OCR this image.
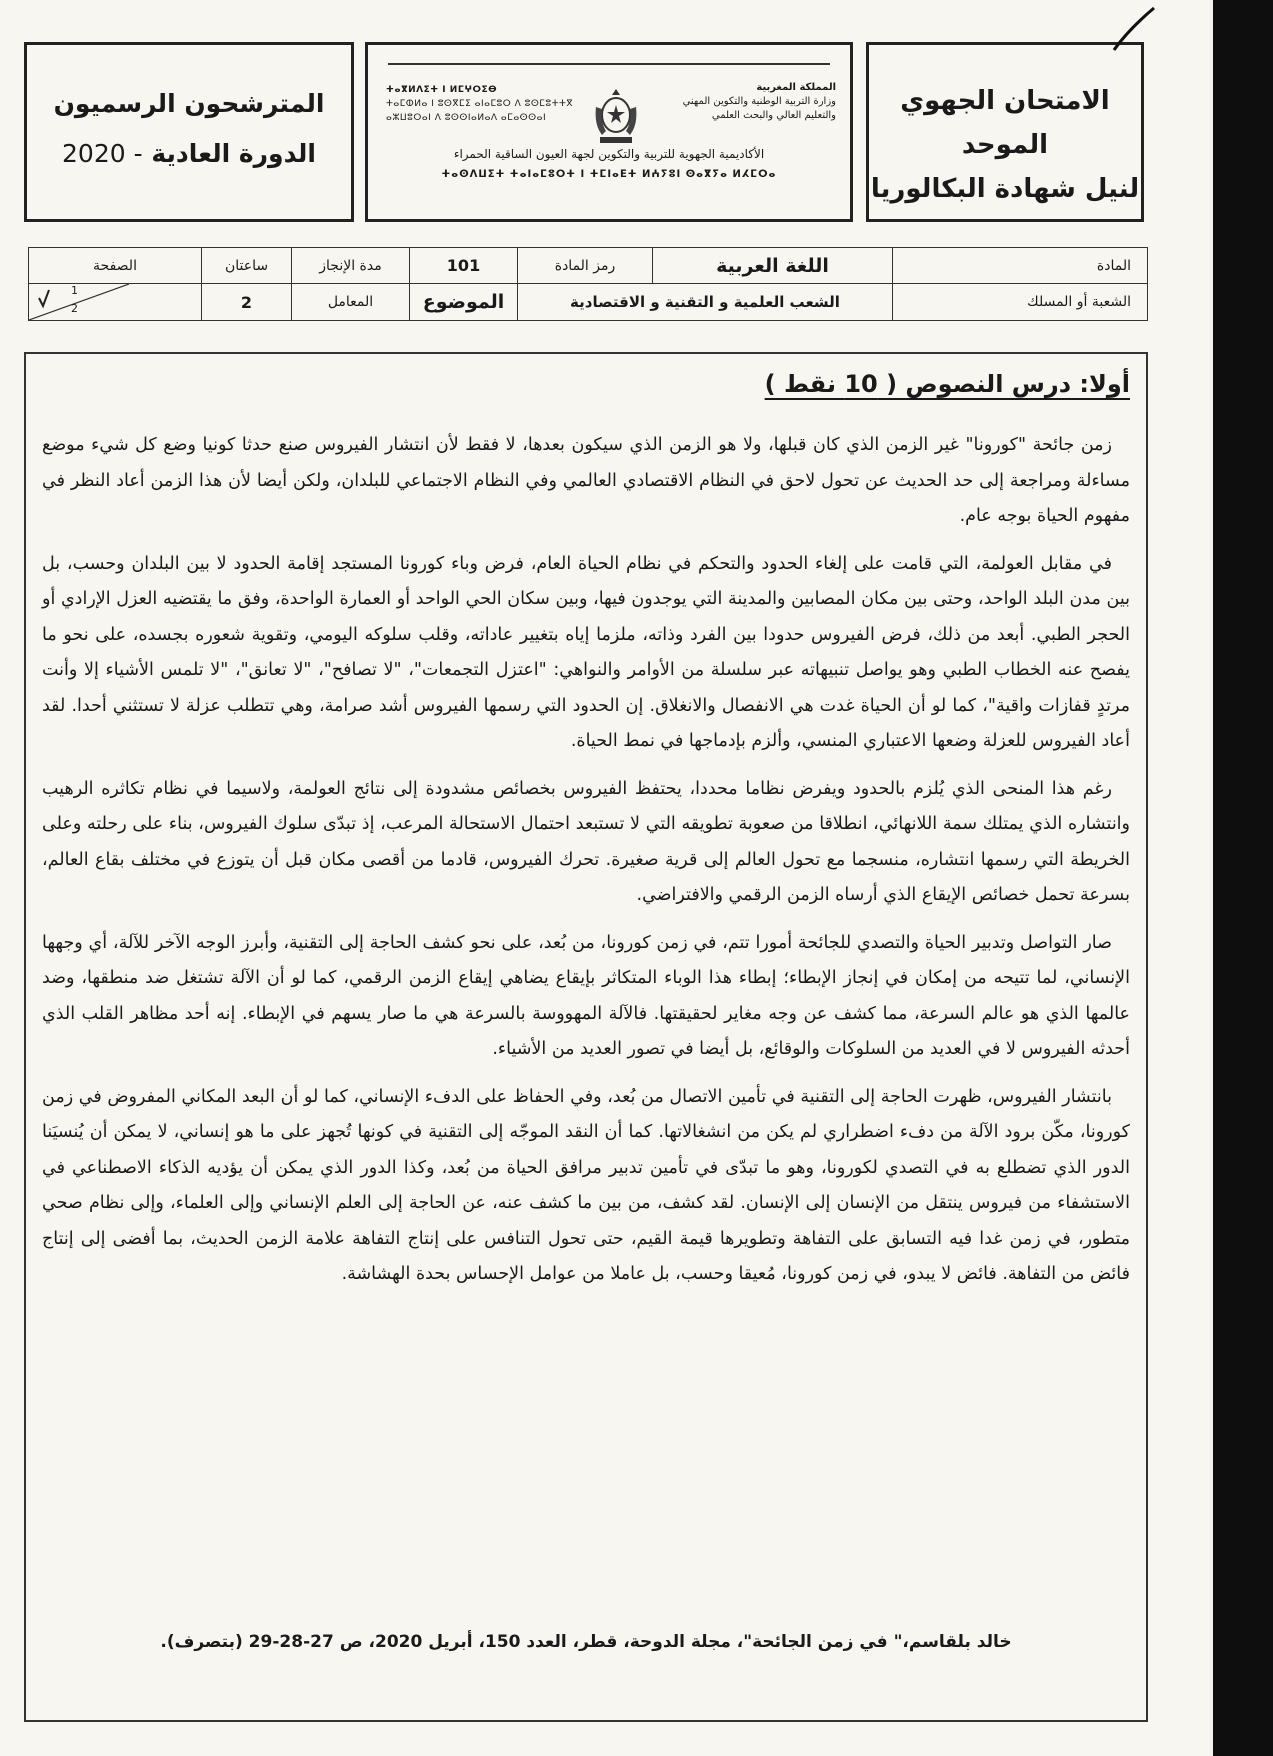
الامتحان الجهوي الموحد
لنيل شهادة البكالوريا
المملكة المغربية
وزارة التربية الوطنية والتكوين المهني
والتعليم العالي والبحث العلمي
ⵜⴰⴳⵍⴷⵉⵜ ⵏ ⵍⵎⵖⵔⵉⴱ
ⵜⴰⵎⵀⵍⴰ ⵏ ⵓⵙⴳⵎⵉ ⴰⵏⴰⵎⵓⵔ ⴷ ⵓⵙⵎⵓⵜⵜⴳ
ⴰⵣⵡⵓⵔⴰⵏ ⴷ ⵓⵙⵙⵏⴰⵍⴰⴷ ⴰⵎⴰⵙⵙⴰⵏ
الأكاديمية الجهوية للتربية والتكوين لجهة العيون الساقية الحمراء
ⵜⴰⵙⴷⵡⵉⵜ ⵜⴰⵏⴰⵎⵓⵔⵜ ⵏ ⵜⵎⵏⴰⴹⵜ ⵍⵄⵢⵓⵏ ⵙⴰⴳⵢⴰ ⵍⵃⵎⵔⴰ
المترشحون الرسميون
الدورة العادية - 2020
المادة	اللغة العربية	رمز المادة	101	مدة الإنجاز	ساعتان	الصفحة
الشعبة أو المسلك	الشعب العلمية و التقنية و الاقتصادية		الموضوع	المعامل	2	1
2
أولا: درس النصوص ( 10 نقط )

زمن جائحة "كورونا" غير الزمن الذي كان قبلها، ولا هو الزمن الذي سيكون بعدها، لا فقط لأن انتشار الفيروس صنع حدثا كونيا وضع كل شيء موضع مساءلة ومراجعة إلى حد الحديث عن تحول لاحق في النظام الاقتصادي العالمي وفي النظام الاجتماعي للبلدان، ولكن أيضا لأن هذا الزمن أعاد النظر في مفهوم الحياة بوجه عام.

في مقابل العولمة، التي قامت على إلغاء الحدود والتحكم في نظام الحياة العام، فرض وباء كورونا المستجد إقامة الحدود لا بين البلدان وحسب، بل بين مدن البلد الواحد، وحتى بين مكان المصابين والمدينة التي يوجدون فيها، وبين سكان الحي الواحد أو العمارة الواحدة، وفق ما يقتضيه العزل الإرادي أو الحجر الطبي. أبعد من ذلك، فرض الفيروس حدودا بين الفرد وذاته، ملزما إياه بتغيير عاداته، وقلب سلوكه اليومي، وتقوية شعوره بجسده، على نحو ما يفصح عنه الخطاب الطبي وهو يواصل تنبيهاته عبر سلسلة من الأوامر والنواهي: "اعتزل التجمعات"، "لا تصافح"، "لا تعانق"، "لا تلمس الأشياء إلا وأنت مرتدٍ قفازات واقية"، كما لو أن الحياة غدت هي الانفصال والانغلاق. إن الحدود التي رسمها الفيروس أشد صرامة، وهي تتطلب عزلة لا تستثني أحدا. لقد أعاد الفيروس للعزلة وضعها الاعتباري المنسي، وألزم بإدماجها في نمط الحياة.

رغم هذا المنحى الذي يُلزم بالحدود ويفرض نظاما محددا، يحتفظ الفيروس بخصائص مشدودة إلى نتائج العولمة، ولاسيما في نظام تكاثره الرهيب وانتشاره الذي يمتلك سمة اللانهائي، انطلاقا من صعوبة تطويقه التي لا تستبعد احتمال الاستحالة المرعب، إذ تبدّى سلوك الفيروس، بناء على رحلته وعلى الخريطة التي رسمها انتشاره، منسجما مع تحول العالم إلى قرية صغيرة. تحرك الفيروس، قادما من أقصى مكان قبل أن يتوزع في مختلف بقاع العالم، بسرعة تحمل خصائص الإيقاع الذي أرساه الزمن الرقمي والافتراضي.

صار التواصل وتدبير الحياة والتصدي للجائحة أمورا تتم، في زمن كورونا، من بُعد، على نحو كشف الحاجة إلى التقنية، وأبرز الوجه الآخر للآلة، أي وجهها الإنساني، لما تتيحه من إمكان في إنجاز الإبطاء؛ إبطاء هذا الوباء المتكاثر بإيقاع يضاهي إيقاع الزمن الرقمي، كما لو أن الآلة تشتغل ضد منطقها، وضد عالمها الذي هو عالم السرعة، مما كشف عن وجه مغاير لحقيقتها. فالآلة المهووسة بالسرعة هي ما صار يسهم في الإبطاء. إنه أحد مظاهر القلب الذي أحدثه الفيروس لا في العديد من السلوكات والوقائع، بل أيضا في تصور العديد من الأشياء.

بانتشار الفيروس، ظهرت الحاجة إلى التقنية في تأمين الاتصال من بُعد، وفي الحفاظ على الدفء الإنساني، كما لو أن البعد المكاني المفروض في زمن كورونا، مكّن برود الآلة من دفء اضطراري لم يكن من انشغالاتها. كما أن النقد الموجّه إلى التقنية في كونها تُجهز على ما هو إنساني، لا يمكن أن يُنسيَنا الدور الذي تضطلع به في التصدي لكورونا، وهو ما تبدّى في تأمين تدبير مرافق الحياة من بُعد، وكذا الدور الذي يمكن أن يؤديه الذكاء الاصطناعي في الاستشفاء من فيروس ينتقل من الإنسان إلى الإنسان. لقد كشف، من بين ما كشف عنه، عن الحاجة إلى العلم الإنساني وإلى العلماء، وإلى نظام صحي متطور، في زمن غدا فيه التسابق على التفاهة وتطويرها قيمة القيم، حتى تحول التنافس على إنتاج التفاهة علامة الزمن الحديث، بما أفضى إلى إنتاج فائض من التفاهة. فائض لا يبدو، في زمن كورونا، مُعيقا وحسب، بل عاملا من عوامل الإحساس بحدة الهشاشة.

خالد بلقاسم،" في زمن الجائحة"، مجلة الدوحة، قطر، العدد 150، أبريل 2020، ص 27-28-29 (بتصرف).
